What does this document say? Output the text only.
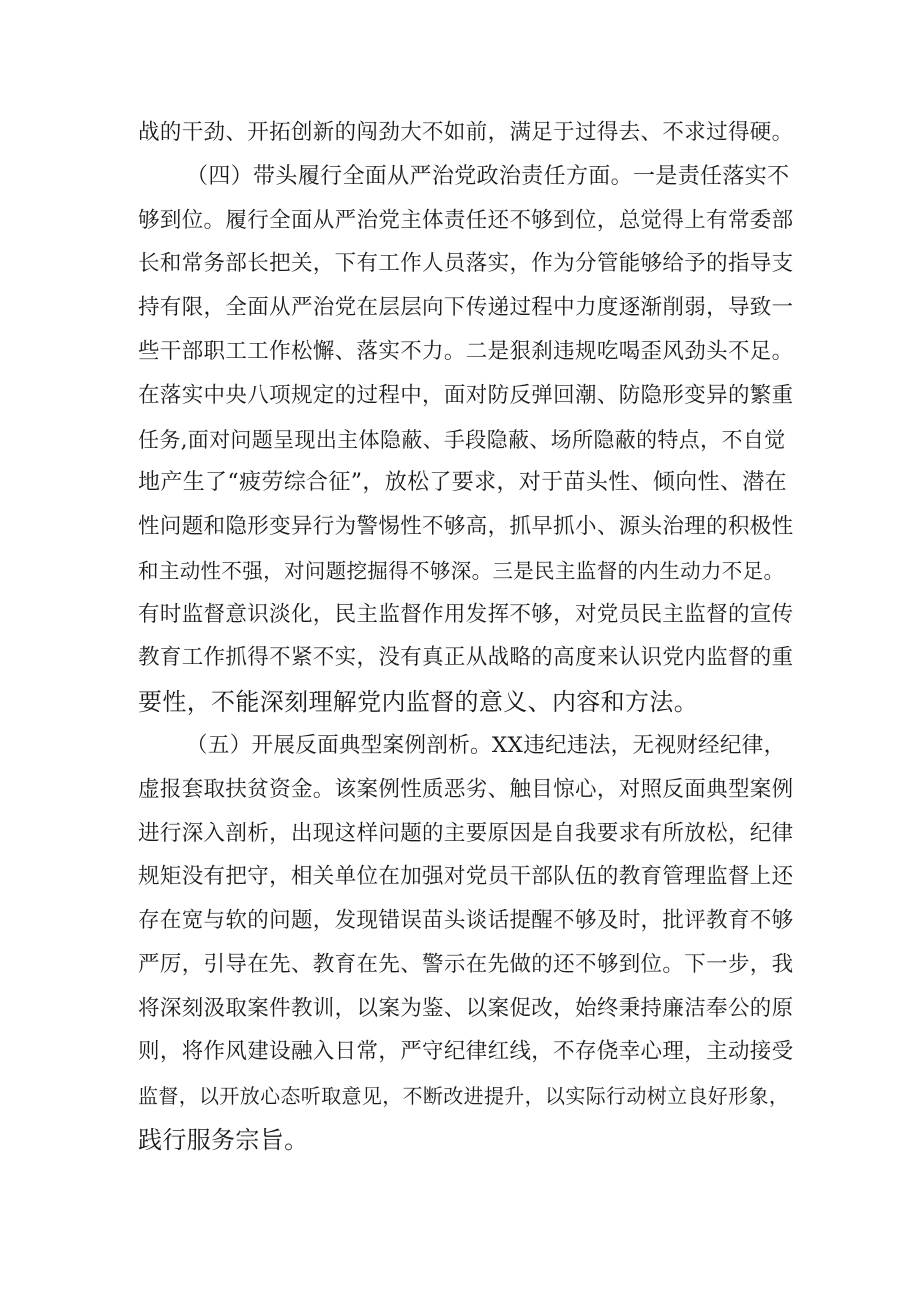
战的干劲、开拓创新的闯劲大不如前，满足于过得去、不求过得硬。
（四）带头履行全面从严治党政治责任方面。一是责任落实不
够到位。履行全面从严治党主体责任还不够到位，总觉得上有常委部
长和常务部长把关，下有工作人员落实，作为分管能够给予的指导支
持有限，全面从严治党在层层向下传递过程中力度逐渐削弱，导致一
些干部职工工作松懈、落实不力。二是狠刹违规吃喝歪风劲头不足。
在落实中央八项规定的过程中，面对防反弹回潮、防隐形变异的繁重
任务,面对问题呈现出主体隐蔽、手段隐蔽、场所隐蔽的特点，不自觉
地产生了“疲劳综合征”，放松了要求，对于苗头性、倾向性、潜在
性问题和隐形变异行为警惕性不够高，抓早抓小、源头治理的积极性
和主动性不强，对问题挖掘得不够深。三是民主监督的内生动力不足。
有时监督意识淡化，民主监督作用发挥不够，对党员民主监督的宣传
教育工作抓得不紧不实，没有真正从战略的高度来认识党内监督的重
要性，不能深刻理解党内监督的意义、内容和方法。
（五）开展反面典型案例剖析。XX违纪违法，无视财经纪律，
虚报套取扶贫资金。该案例性质恶劣、触目惊心，对照反面典型案例
进行深入剖析，出现这样问题的主要原因是自我要求有所放松，纪律
规矩没有把守，相关单位在加强对党员干部队伍的教育管理监督上还
存在宽与软的问题，发现错误苗头谈话提醒不够及时，批评教育不够
严厉，引导在先、教育在先、警示在先做的还不够到位。下一步，我
将深刻汲取案件教训，以案为鉴、以案促改，始终秉持廉洁奉公的原
则，将作风建设融入日常，严守纪律红线，不存侥幸心理，主动接受
监督，以开放心态听取意见，不断改进提升，以实际行动树立良好形象，
践行服务宗旨。
